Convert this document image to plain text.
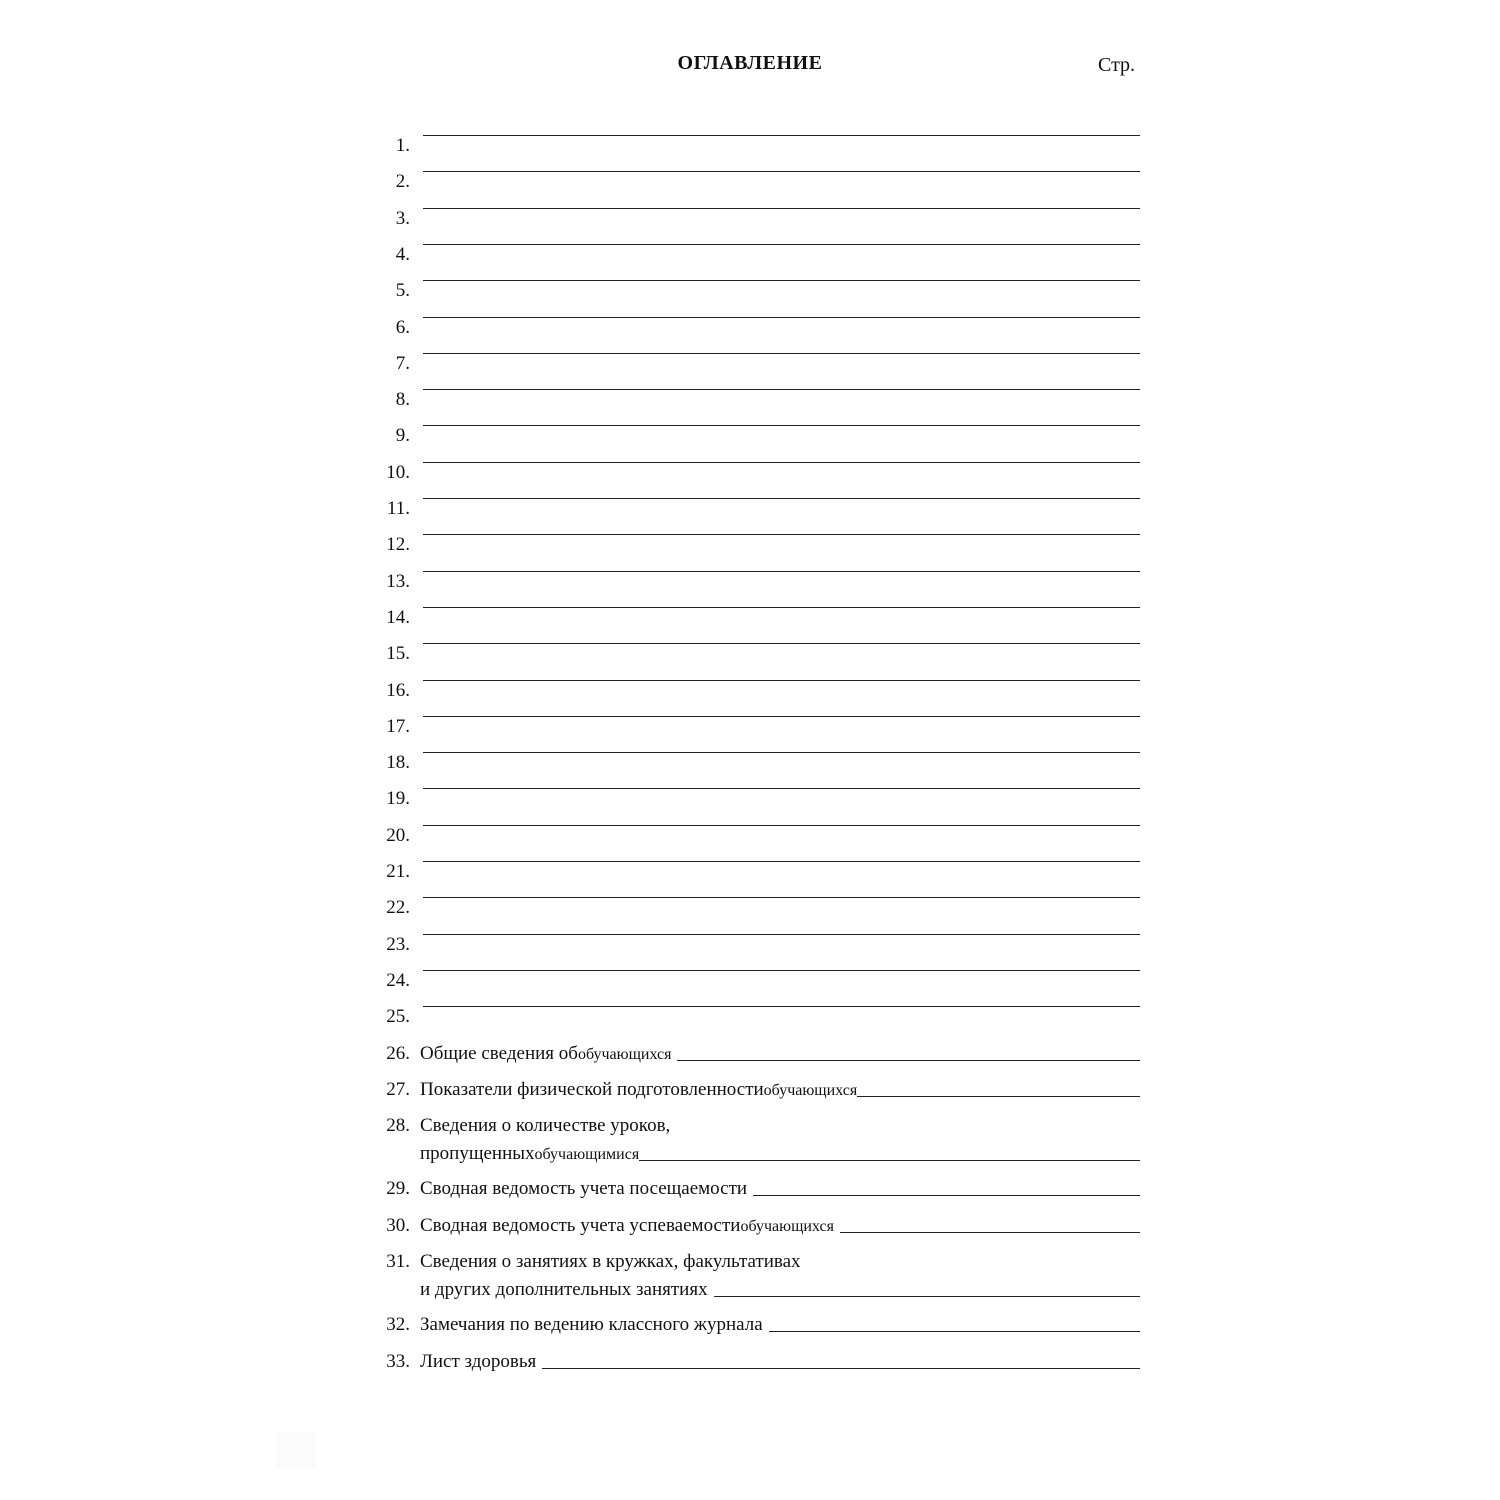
ОГЛАВЛЕНИЕ	Стр.
1.
2.
3.
4.
5.
6.
7.
8.
9.
10.
11.
12.
13.
14.
15.
16.
17.
18.
19.
20.
21.
22.
23.
24.
25.
26. Общие сведения об обучающихся
27. Показатели физической подготовленности обучающихся
28. Сведения о количестве уроков,
пропущенных обучающимися
29. Сводная ведомость учета посещаемости
30. Сводная ведомость учета успеваемости обучающихся
31. Сведения о занятиях в кружках, факультативах
и других дополнительных занятиях
32. Замечания по ведению классного журнала
33. Лист здоровья
